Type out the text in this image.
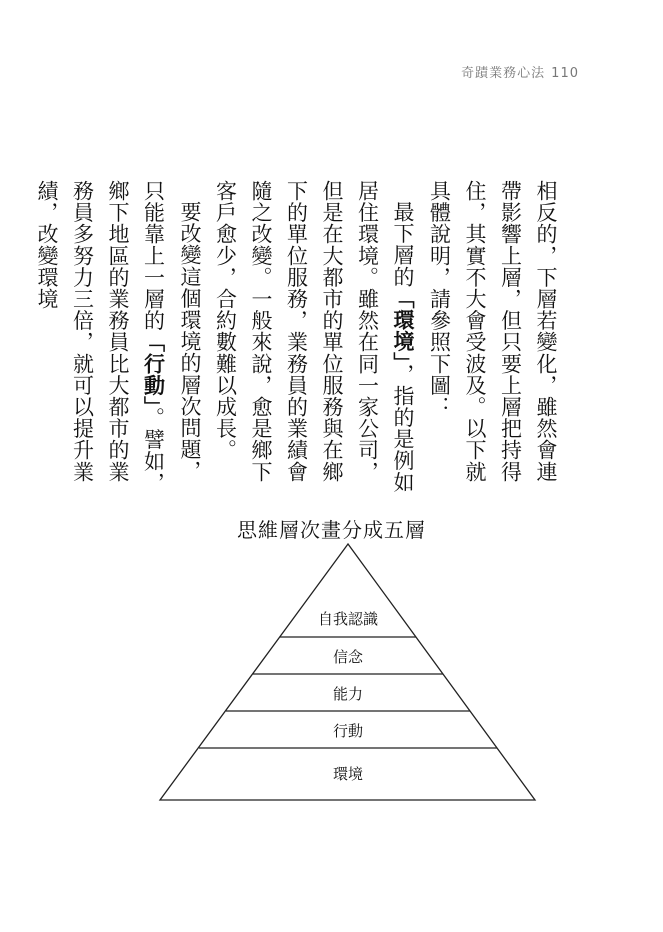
奇蹟業務心法 110

相反的，下層若變化，雖然會連帶影響上層，但只要上層把持得住，其實不大會受波及。以下就具體說明，請參照下圖：

最下層的「環境」，指的是例如居住環境。雖然在同一家公司，但是在大都市的單位服務與在鄉下的單位服務，業務員的業績會隨之改變。一般來說，愈是鄉下客戶愈少，合約數難以成長。

要改變這個環境的層次問題，只能靠上一層的「行動」。譬如，鄉下地區的業務員比大都市的業務員多努力三倍，就可以提升業績，改變環境

思維層次畫分成五層
自我認識
信念
能力
行動
環境
